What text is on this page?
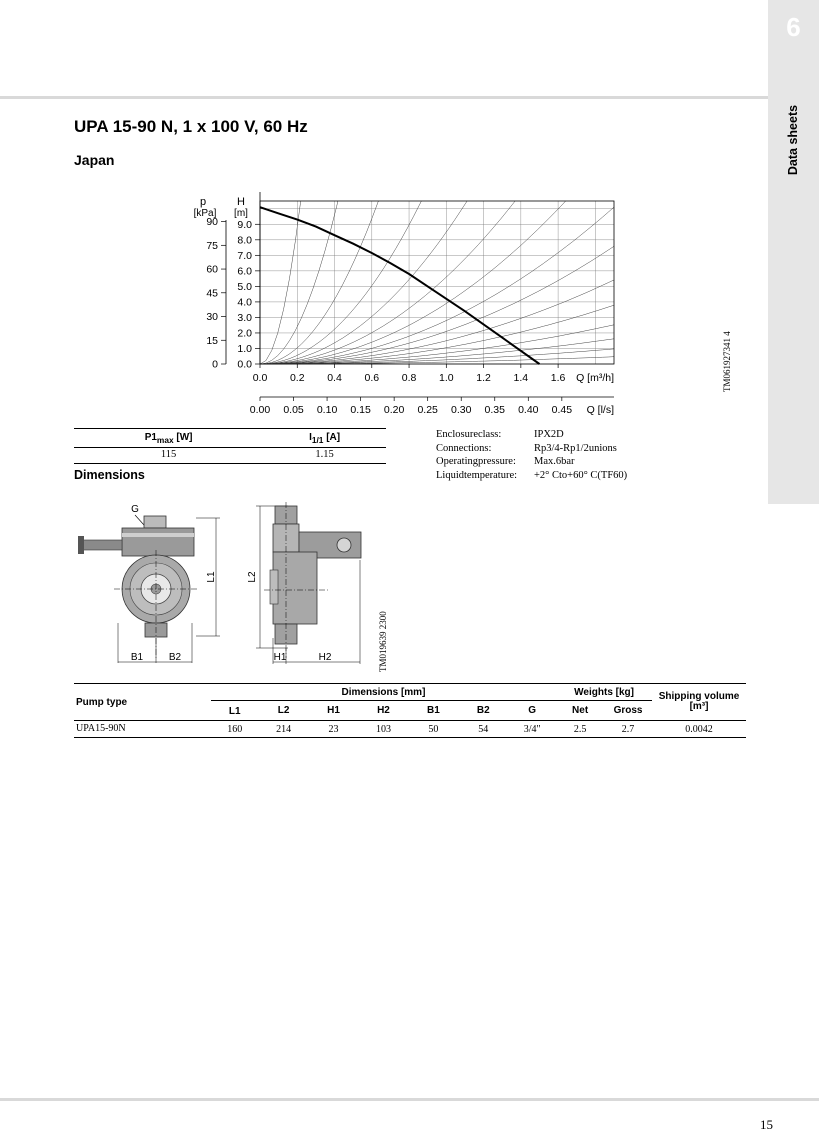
6
Data sheets
UPA 15-90 N, 1 x 100 V, 60 Hz
Japan
0.0
1.0
2.0
3.0
4.0
5.0
6.0
7.0
8.0
9.0
0
15
30
45
60
75
90
0.0 0.2 0.4 0.6 0.8 1.0 1.2 1.4 1.6
0.00 0.05 0.10 0.15 0.20 0.25 0.30 0.35 0.40 0.45
p
[kPa]
H
[m]
Q [m³/h]
Q [l/s]
TM061927341 4
$P1_{max}$ [W]	$I_{1/1}$ [A]
115	1.15
Enclosureclass:	IPX2D
Connections:	Rp3/4-Rp1/2unions
Operatingpressure: Max.6bar
Liquidtemperature: +2° Cto+60° C(TF60)
Dimensions
G
L1
B1	B2
L2
H1	H2	TM019639 2300
Pump type	Dimensions [mm]							Weights [kg]		Shipping volume
[m³]
	L1	L2	H1	H2	B1	B2	G	Net	Gross	
UPA15-90N	160	214	23	103	50	54	3/4"	2.5	2.7	0.0042
15
